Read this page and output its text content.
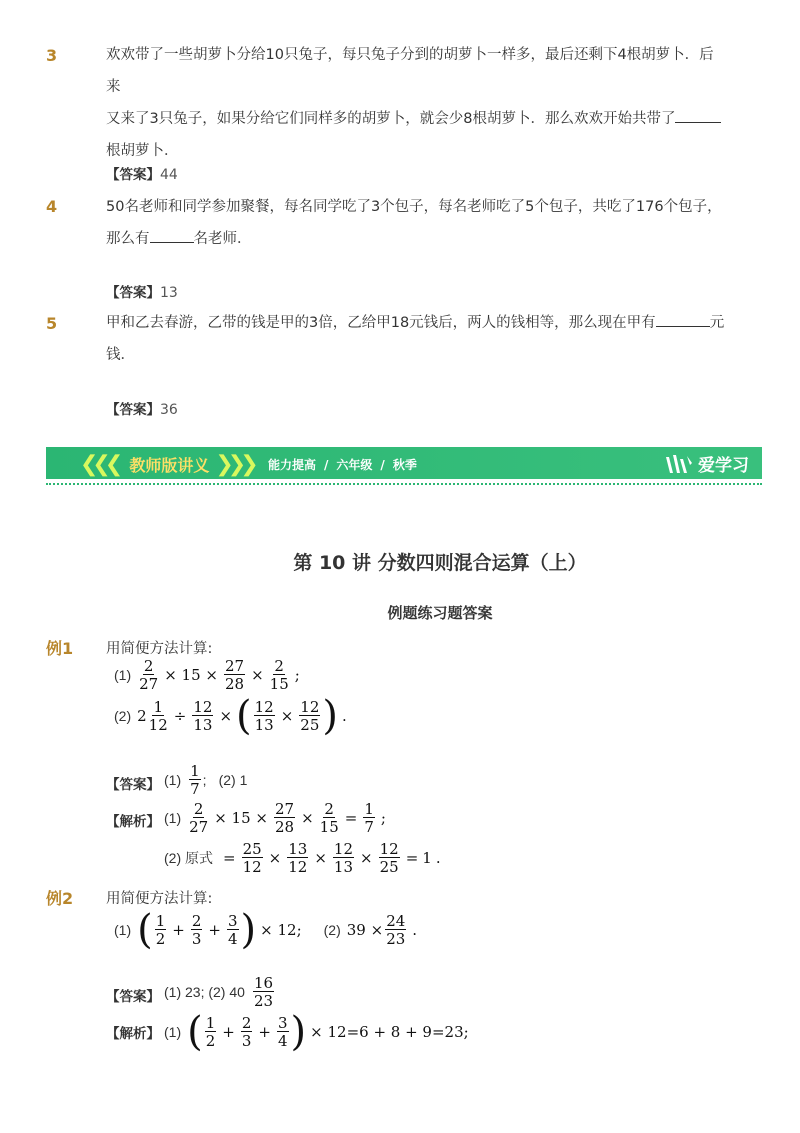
3	欢欢带了一些胡萝卜分给10只兔子，每只兔子分到的胡萝卜一样多，最后还剩下4根胡萝卜．后来
又来了3只兔子，如果分给它们同样多的胡萝卜，就会少8根胡萝卜．那么欢欢开始共带了
根胡萝卜．
【答案】44
4	50名老师和同学参加聚餐，每名同学吃了3个包子，每名老师吃了5个包子，共吃了176个包子，
那么有	名老师．
【答案】13
5	甲和乙去春游，乙带的钱是甲的3倍，乙给甲18元钱后，两人的钱相等，那么现在甲有	元
钱．
【答案】36
❮❮❮ 教师版讲义 ❯❯❯ 能力提高 / 六年级 / 秋季	爱学习
第 10 讲 分数四则混合运算（上）
例题练习题答案
例1 用简便方法计算:
$(1) \frac{2}{27} \times 15 \times \frac{27}{28} \times \frac{2}{15}$ ;
(2) $2 \frac{1}{12} \div \frac{12}{13}$ × ( $\frac{12}{13} \times \frac{12}{25}$ ) .
【答案】 $(1) \frac{1}{7}$ ; (2) 1
【解析】 $(1) \frac{2}{27} \times 15 \times \frac{27}{28} \times \frac{2}{15} = \frac{1}{7}$ ;
(2) 原式 = $\frac{25}{12} \times \frac{13}{12} \times \frac{12}{13} \times \frac{12}{25} = 1$ .
例2 用简便方法计算:
(1) ( $\frac{1}{2} + \frac{2}{3} + \frac{3}{4}$ ) × 12; (2) $39 \times \frac{24}{23}$ .
【答案】 (1) 23; (2) $40 \frac{16}{23}$
【解析】 (1) ( $\frac{1}{2} + \frac{2}{3} + \frac{3}{4}$ ) × 12=6 + 8 + 9=23;
